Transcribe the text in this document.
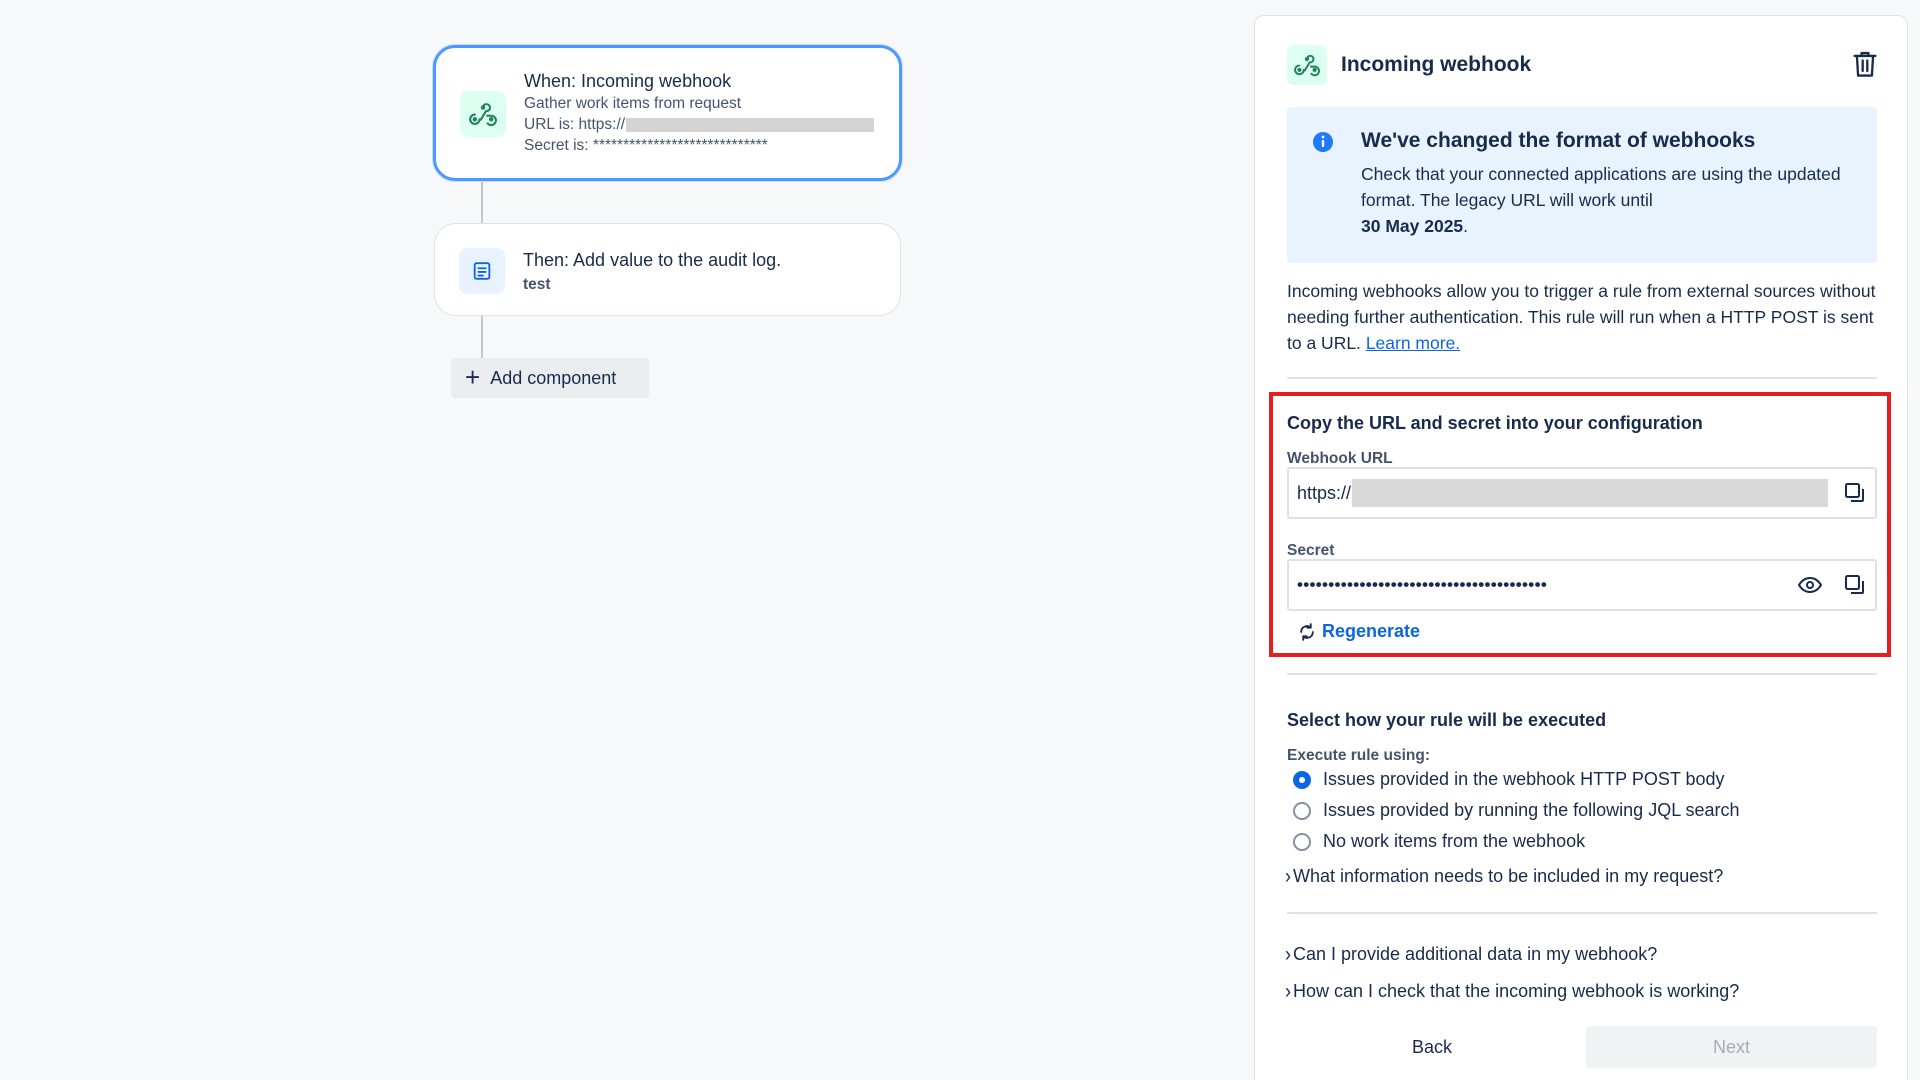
When: Incoming webhook
Gather work items from request
URL is: https://
Secret is: *****************************
Then: Add value to the audit log.
test
+ Add component
Incoming webhook
We've changed the format of webhooks
Check that your connected applications are using the updated format. The legacy URL will work until
30 May 2025.
Incoming webhooks allow you to trigger a rule from external sources without needing further authentication. This rule will run when a HTTP POST is sent to a URL. Learn more.
Copy the URL and secret into your configuration
Webhook URL
https://
Secret
••••••••••••••••••••••••••••••••••••••••
Regenerate
Select how your rule will be executed
Execute rule using:
Issues provided in the webhook HTTP POST body
Issues provided by running the following JQL search
No work items from the webhook
› What information needs to be included in my request?
› Can I provide additional data in my webhook?
› How can I check that the incoming webhook is working?
Back	Next
